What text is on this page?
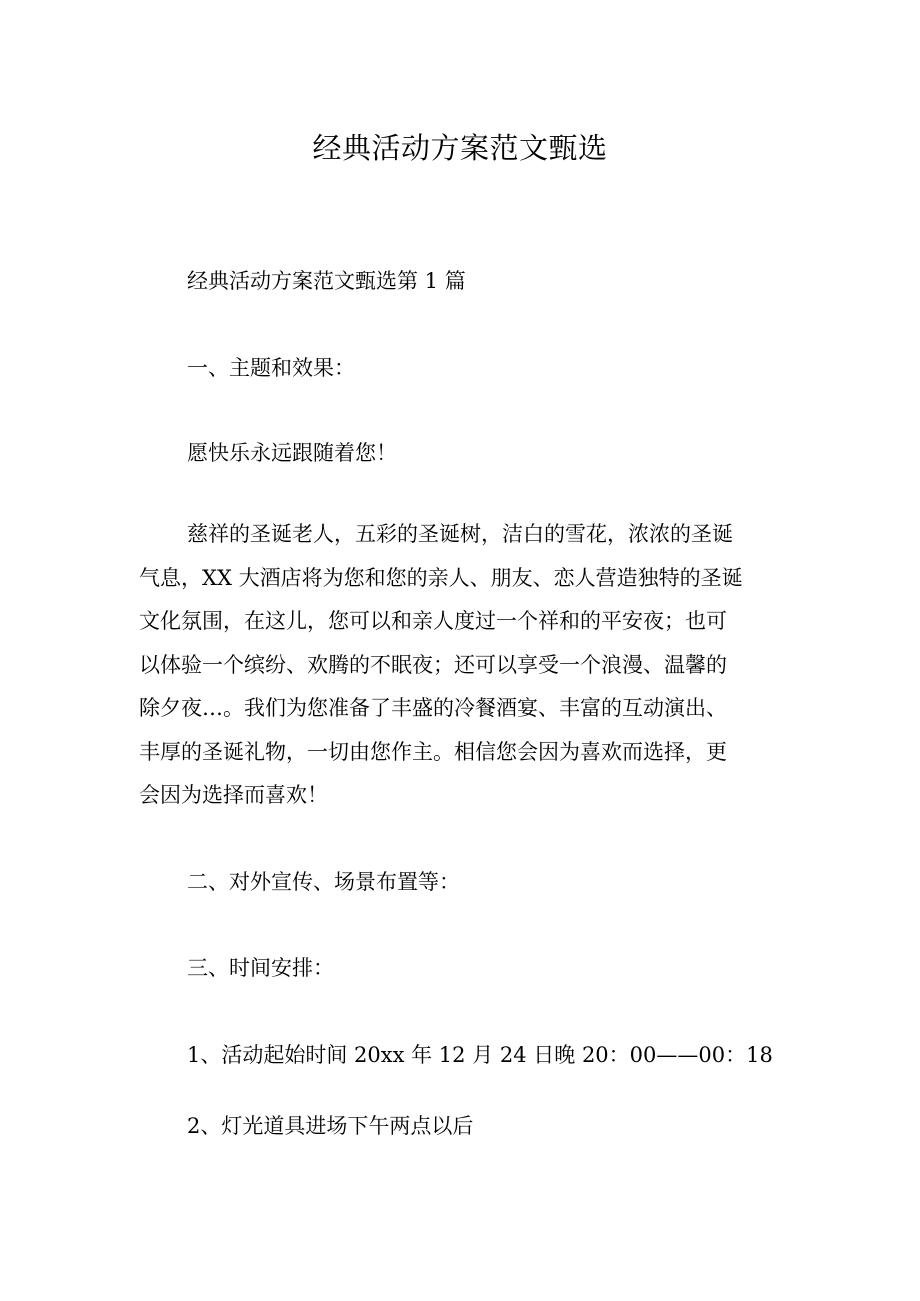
经典活动方案范文甄选
经典活动方案范文甄选第 1 篇
一、主题和效果：
愿快乐永远跟随着您！
慈祥的圣诞老人，五彩的圣诞树，洁白的雪花，浓浓的圣诞
气息，XX 大酒店将为您和您的亲人、朋友、恋人营造独特的圣诞
文化氛围，在这儿，您可以和亲人度过一个祥和的平安夜；也可
以体验一个缤纷、欢腾的不眠夜；还可以享受一个浪漫、温馨的
除夕夜…。我们为您准备了丰盛的冷餐酒宴、丰富的互动演出、
丰厚的圣诞礼物，一切由您作主。相信您会因为喜欢而选择，更
会因为选择而喜欢！
二、对外宣传、场景布置等：
三、时间安排：
1、活动起始时间 20xx 年 12 月 24 日晚 20：00——00：18
2、灯光道具进场下午两点以后
